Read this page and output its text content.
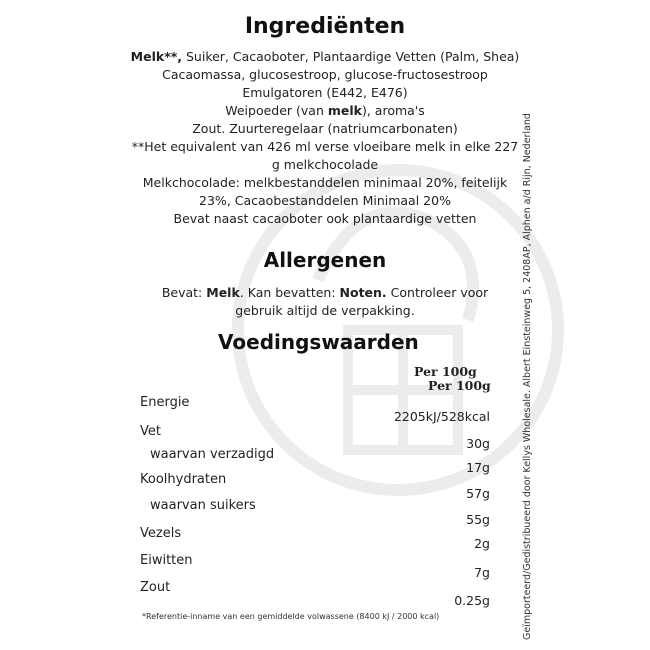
Ingrediënten
Melk**, Suiker, Cacaoboter, Plantaardige Vetten (Palm, Shea)
Cacaomassa, glucosestroop, glucose-fructosestroop
Emulgatoren (E442, E476)
Weipoeder (van melk), aroma's
Zout. Zuurteregelaar (natriumcarbonaten)
**Het equivalent van 426 ml verse vloeibare melk in elke 227
g melkchocolade
Melkchocolade: melkbestanddelen minimaal 20%, feitelijk
23%, Cacaobestanddelen Minimaal 20%
Bevat naast cacaoboter ook plantaardige vetten
Allergenen
Bevat: Melk. Kan bevatten: Noten. Controleer voor gebruik altijd de verpakking.
Voedingswaarden
Per 100g
Per 100g
Energie
2205kJ/528kcal
Vet
30g
waarvan verzadigd
17g
Koolhydraten
57g
waarvan suikers
55g
Vezels
2g
Eiwitten
7g
Zout
0.25g
*Referentie-inname van een gemiddelde volwassene (8400 kJ / 2000 kcal)	Geïmporteerd/Gedistribueerd door Kellys Wholesale. Albert Einsteinweg 5, 2408AP, Alphen a/d Rijn, Nederland
